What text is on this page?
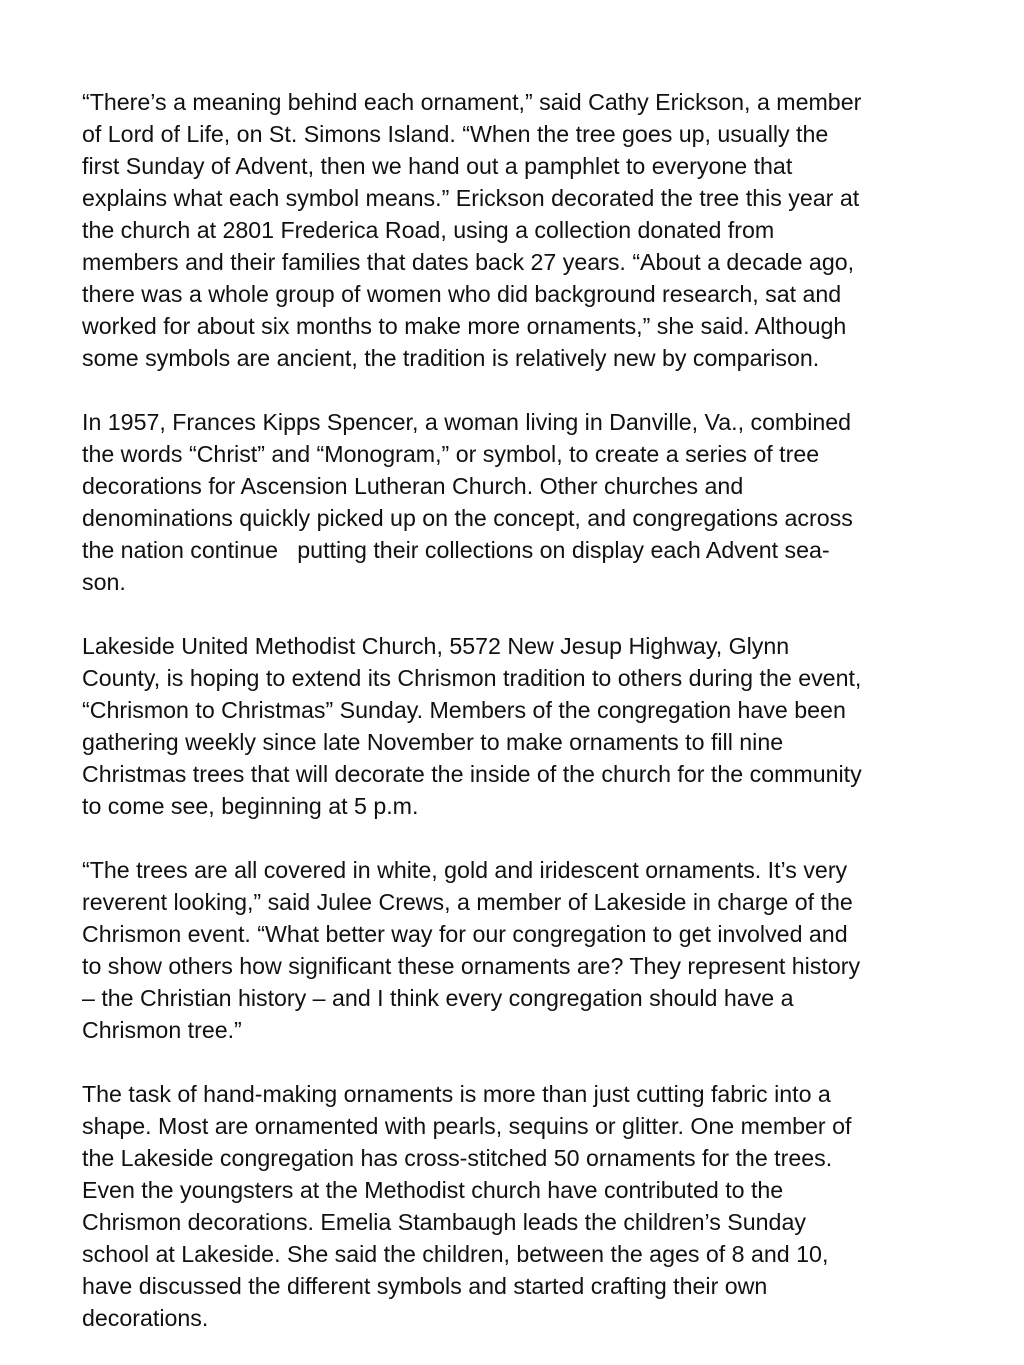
“There’s a meaning behind each ornament,” said Cathy Erickson, a member
of Lord of Life, on St. Simons Island. “When the tree goes up, usually the
first Sunday of Advent, then we hand out a pamphlet to everyone that
explains what each symbol means.” Erickson decorated the tree this year at
the church at 2801 Frederica Road, using a collection donated from
members and their families that dates back 27 years. “About a decade ago,
there was a whole group of women who did background research, sat and
worked for about six months to make more ornaments,” she said. Although
some symbols are ancient, the tradition is relatively new by comparison.
In 1957, Frances Kipps Spencer, a woman living in Danville, Va., combined
the words “Christ” and “Monogram,” or symbol, to create a series of tree
decorations for Ascension Lutheran Church. Other churches and
denominations quickly picked up on the concept, and congregations across
the nation continue   putting their collections on display each Advent sea-
son.
Lakeside United Methodist Church, 5572 New Jesup Highway, Glynn
County, is hoping to extend its Chrismon tradition to others during the event,
“Chrismon to Christmas” Sunday. Members of the congregation have been
gathering weekly since late November to make ornaments to fill nine
Christmas trees that will decorate the inside of the church for the community
to come see, beginning at 5 p.m.
“The trees are all covered in white, gold and iridescent ornaments. It’s very
reverent looking,” said Julee Crews, a member of Lakeside in charge of the
Chrismon event. “What better way for our congregation to get involved and
to show others how significant these ornaments are? They represent history
– the Christian history – and I think every congregation should have a
Chrismon tree.”
The task of hand-making ornaments is more than just cutting fabric into a
shape. Most are ornamented with pearls, sequins or glitter. One member of
the Lakeside congregation has cross-stitched 50 ornaments for the trees.
Even the youngsters at the Methodist church have contributed to the
Chrismon decorations. Emelia Stambaugh leads the children’s Sunday
school at Lakeside. She said the children, between the ages of 8 and 10,
have discussed the different symbols and started crafting their own
decorations.
